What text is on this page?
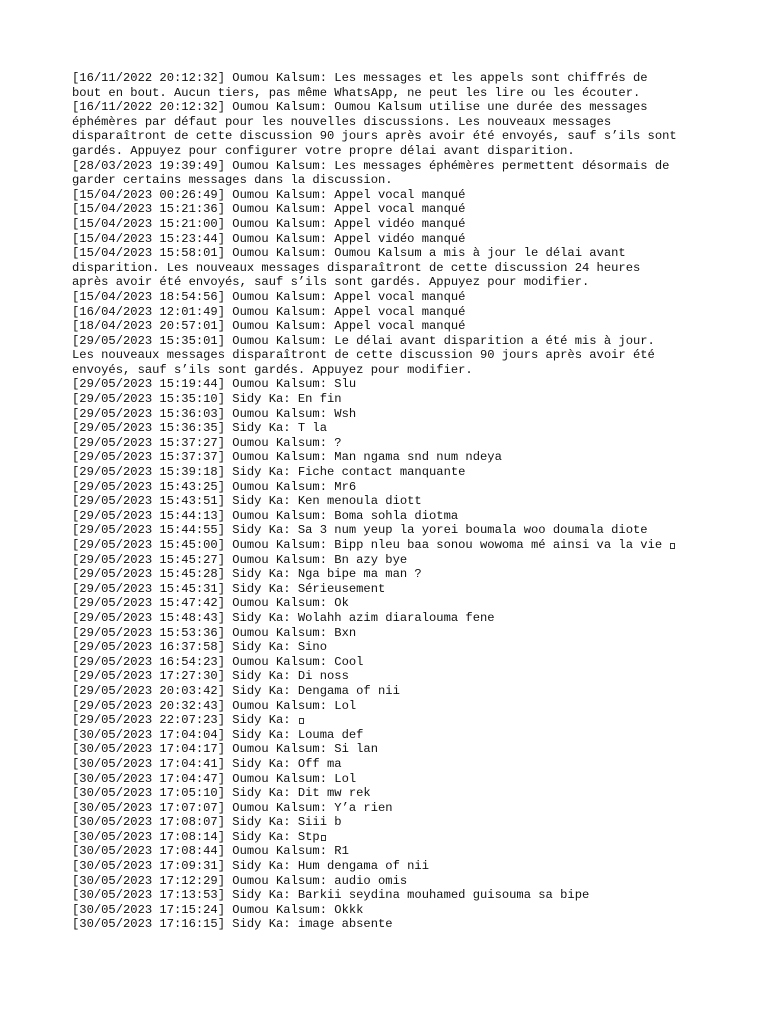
[16/11/2022 20:12:32] Oumou Kalsum: Les messages et les appels sont chiffrés de

bout en bout. Aucun tiers, pas même WhatsApp, ne peut les lire ou les écouter.

[16/11/2022 20:12:32] Oumou Kalsum: Oumou Kalsum utilise une durée des messages

éphémères par défaut pour les nouvelles discussions. Les nouveaux messages

disparaîtront de cette discussion 90 jours après avoir été envoyés, sauf s’ils sont

gardés. Appuyez pour configurer votre propre délai avant disparition.

[28/03/2023 19:39:49] Oumou Kalsum: Les messages éphémères permettent désormais de

garder certains messages dans la discussion.

[15/04/2023 00:26:49] Oumou Kalsum: Appel vocal manqué

[15/04/2023 15:21:36] Oumou Kalsum: Appel vocal manqué

[15/04/2023 15:21:00] Oumou Kalsum: Appel vidéo manqué

[15/04/2023 15:23:44] Oumou Kalsum: Appel vidéo manqué

[15/04/2023 15:58:01] Oumou Kalsum: Oumou Kalsum a mis à jour le délai avant

disparition. Les nouveaux messages disparaîtront de cette discussion 24 heures

après avoir été envoyés, sauf s’ils sont gardés. Appuyez pour modifier.

[15/04/2023 18:54:56] Oumou Kalsum: Appel vocal manqué

[16/04/2023 12:01:49] Oumou Kalsum: Appel vocal manqué

[18/04/2023 20:57:01] Oumou Kalsum: Appel vocal manqué

[29/05/2023 15:35:01] Oumou Kalsum: Le délai avant disparition a été mis à jour.

Les nouveaux messages disparaîtront de cette discussion 90 jours après avoir été

envoyés, sauf s’ils sont gardés. Appuyez pour modifier.

[29/05/2023 15:19:44] Oumou Kalsum: Slu

[29/05/2023 15:35:10] Sidy Ka: En fin

[29/05/2023 15:36:03] Oumou Kalsum: Wsh

[29/05/2023 15:36:35] Sidy Ka: T la

[29/05/2023 15:37:27] Oumou Kalsum: ?

[29/05/2023 15:37:37] Oumou Kalsum: Man ngama snd num ndeya

[29/05/2023 15:39:18] Sidy Ka: Fiche contact manquante

[29/05/2023 15:43:25] Oumou Kalsum: Mr6

[29/05/2023 15:43:51] Sidy Ka: Ken menoula diott

[29/05/2023 15:44:13] Oumou Kalsum: Boma sohla diotma

[29/05/2023 15:44:55] Sidy Ka: Sa 3 num yeup la yorei boumala woo doumala diote

[29/05/2023 15:45:00] Oumou Kalsum: Bipp nleu baa sonou wowoma mé ainsi va la vie

[29/05/2023 15:45:27] Oumou Kalsum: Bn azy bye

[29/05/2023 15:45:28] Sidy Ka: Nga bipe ma man ?

[29/05/2023 15:45:31] Sidy Ka: Sérieusement

[29/05/2023 15:47:42] Oumou Kalsum: Ok

[29/05/2023 15:48:43] Sidy Ka: Wolahh azim diaralouma fene

[29/05/2023 15:53:36] Oumou Kalsum: Bxn

[29/05/2023 16:37:58] Sidy Ka: Sino

[29/05/2023 16:54:23] Oumou Kalsum: Cool

[29/05/2023 17:27:30] Sidy Ka: Di noss

[29/05/2023 20:03:42] Sidy Ka: Dengama of nii

[29/05/2023 20:32:43] Oumou Kalsum: Lol

[29/05/2023 22:07:23] Sidy Ka:

[30/05/2023 17:04:04] Sidy Ka: Louma def

[30/05/2023 17:04:17] Oumou Kalsum: Si lan

[30/05/2023 17:04:41] Sidy Ka: Off ma

[30/05/2023 17:04:47] Oumou Kalsum: Lol

[30/05/2023 17:05:10] Sidy Ka: Dit mw rek

[30/05/2023 17:07:07] Oumou Kalsum: Y’a rien

[30/05/2023 17:08:07] Sidy Ka: Siii b

[30/05/2023 17:08:14] Sidy Ka: Stp

[30/05/2023 17:08:44] Oumou Kalsum: R1

[30/05/2023 17:09:31] Sidy Ka: Hum dengama of nii

[30/05/2023 17:12:29] Oumou Kalsum: audio omis

[30/05/2023 17:13:53] Sidy Ka: Barkii seydina mouhamed guisouma sa bipe

[30/05/2023 17:15:24] Oumou Kalsum: Okkk

[30/05/2023 17:16:15] Sidy Ka: image absente
